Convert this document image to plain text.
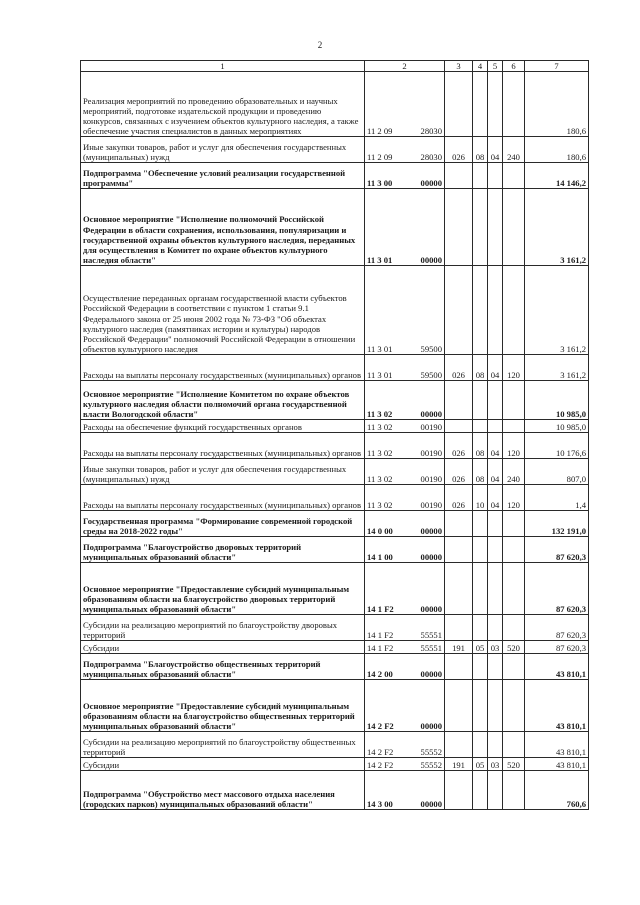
2
1	2		3	4	5	6	7
Реализация мероприятий по проведению образовательных и научных мероприятий, подготовке издательской продукции и проведению конкурсов, связанных с изучением объектов культурного наследия, а также обеспечение участия специалистов в данных мероприятиях	11 2 09	28030					180,6
Иные закупки товаров, работ и услуг для обеспечения государственных (муниципальных) нужд	11 2 09	28030	026	08	04	240	180,6
Подпрограмма "Обеспечение условий реализации государственной программы"	11 3 00	00000					14 146,2
Основное мероприятие "Исполнение полномочий Российской Федерации в области сохранения, использования, популяризации и государственной охраны объектов культурного наследия, переданных для осуществления в Комитет по охране объектов культурного наследия области"	11 3 01	00000					3 161,2
Осуществление переданных органам государственной власти субъектов Российской Федерации в соответствии с пунктом 1 статьи 9.1 Федерального закона от 25 июня 2002 года № 73-ФЗ "Об объектах культурного наследия (памятниках истории и культуры) народов Российской Федерации" полномочий Российской Федерации в отношении объектов культурного наследия	11 3 01	59500					3 161,2
Расходы на выплаты персоналу государственных (муниципальных) органов	11 3 01	59500	026	08	04	120	3 161,2
Основное мероприятие "Исполнение Комитетом по охране объектов культурного наследия области полномочий органа государственной власти Вологодской области"	11 3 02	00000					10 985,0
Расходы на обеспечение функций государственных органов	11 3 02	00190					10 985,0
Расходы на выплаты персоналу государственных (муниципальных) органов	11 3 02	00190	026	08	04	120	10 176,6
Иные закупки товаров, работ и услуг для обеспечения государственных (муниципальных) нужд	11 3 02	00190	026	08	04	240	807,0
Расходы на выплаты персоналу государственных (муниципальных) органов	11 3 02	00190	026	10	04	120	1,4
Государственная программа "Формирование современной городской среды на 2018-2022 годы"	14 0 00	00000					132 191,0
Подпрограмма "Благоустройство дворовых территорий муниципальных образований области"	14 1 00	00000					87 620,3
Основное мероприятие "Предоставление субсидий муниципальным образованиям области на благоустройство дворовых территорий муниципальных образований области"	14 1 F2	00000					87 620,3
Субсидии на реализацию мероприятий по благоустройству дворовых территорий	14 1 F2	55551					87 620,3
Субсидии	14 1 F2	55551	191	05	03	520	87 620,3
Подпрограмма "Благоустройство общественных территорий муниципальных образований области"	14 2 00	00000					43 810,1
Основное мероприятие "Предоставление субсидий муниципальным образованиям области на благоустройство общественных территорий муниципальных образований области"	14 2 F2	00000					43 810,1
Субсидии на реализацию мероприятий по благоустройству общественных территорий	14 2 F2	55552					43 810,1
Субсидии	14 2 F2	55552	191	05	03	520	43 810,1
Подпрограмма "Обустройство мест массового отдыха населения (городских парков) муниципальных образований области"	14 3 00	00000					760,6
